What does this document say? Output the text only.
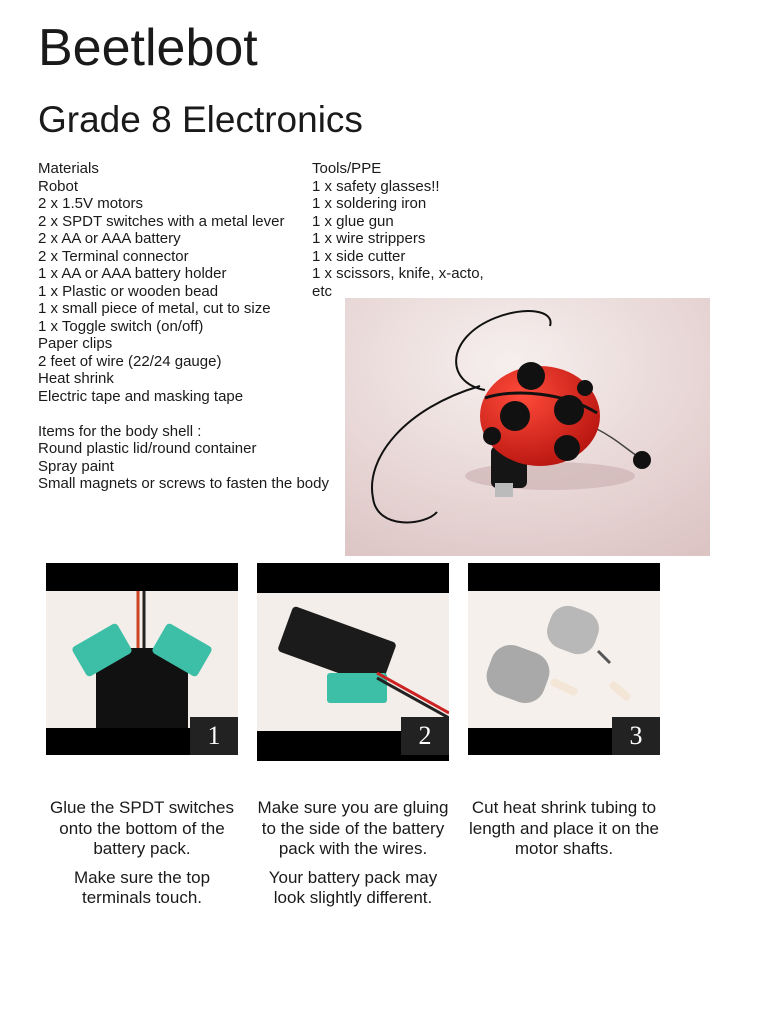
Beetlebot
Grade 8 Electronics
Materials
Robot
2 x 1.5V motors
2 x SPDT switches with a metal lever
2 x AA or AAA battery
2 x Terminal connector
1 x AA or AAA battery holder
1 x Plastic or wooden bead
1 x small piece of metal, cut to size
1 x Toggle switch (on/off)
Paper clips
2 feet of wire (22/24 gauge)
Heat shrink
Electric tape and masking tape
Items for the body shell :
Round plastic lid/round container
Spray paint
Small magnets or screws to fasten the body
Tools/PPE
1 x safety glasses!!
1 x soldering iron
1 x glue gun
1 x wire strippers
1 x side cutter
1 x scissors, knife, x-acto,
etc
1	2	3

Glue the SPDT switches onto the bottom of the battery pack.

Make sure the top terminals touch.

Make sure you are gluing to the side of the battery pack with the wires.

Your battery pack may look slightly different.

Cut heat shrink tubing to length and place it on the motor shafts.
